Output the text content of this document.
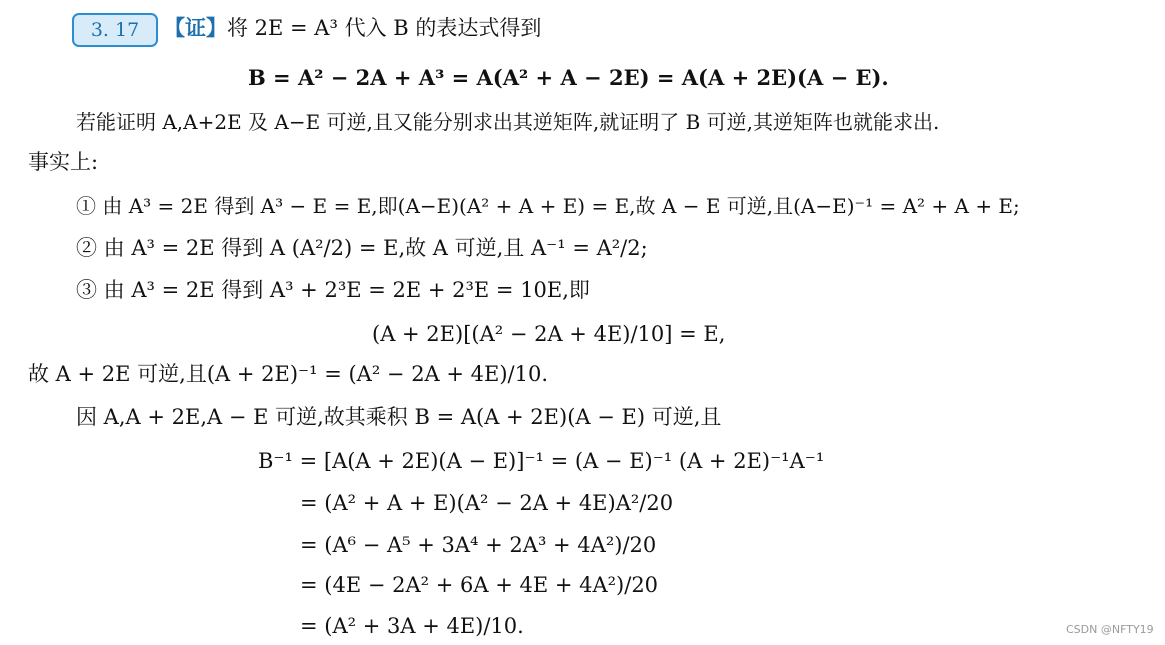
3. 17	【证】将 2E = A³ 代入 B 的表达式得到
B = A² − 2A + A³ = A(A² + A − 2E) = A(A + 2E)(A − E).
若能证明 A,A+2E 及 A−E 可逆,且又能分别求出其逆矩阵,就证明了 B 可逆,其逆矩阵也就能求出.
事实上:
① 由 A³ = 2E 得到 A³ − E = E,即(A−E)(A² + A + E) = E,故 A − E 可逆,且(A−E)⁻¹ = A² + A + E;
② 由 A³ = 2E 得到 A (A²/2) = E,故 A 可逆,且 A⁻¹ = A²/2;
③ 由 A³ = 2E 得到 A³ + 2³E = 2E + 2³E = 10E,即
(A + 2E)[(A² − 2A + 4E)/10] = E,
故 A + 2E 可逆,且(A + 2E)⁻¹ = (A² − 2A + 4E)/10.
因 A,A + 2E,A − E 可逆,故其乘积 B = A(A + 2E)(A − E) 可逆,且
B⁻¹ = [A(A + 2E)(A − E)]⁻¹ = (A − E)⁻¹ (A + 2E)⁻¹A⁻¹
= (A² + A + E)(A² − 2A + 4E)A²/20
= (A⁶ − A⁵ + 3A⁴ + 2A³ + 4A²)/20
= (4E − 2A² + 6A + 4E + 4A²)/20
= (A² + 3A + 4E)/10.	CSDN @NFTY19
